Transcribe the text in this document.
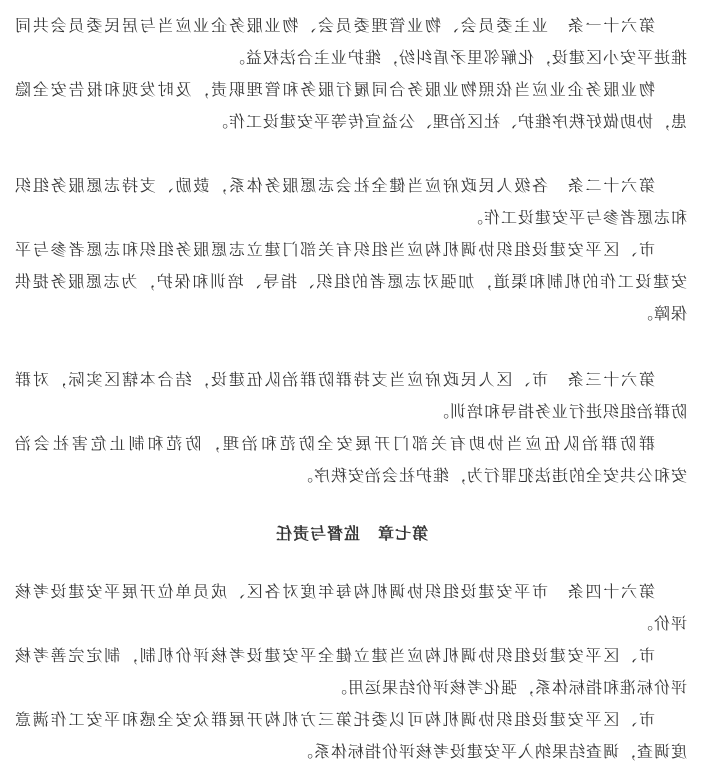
第六十一条　业主委员会、物业管理委员会、物业服务企业应当与居民委员会共同
推进平安小区建设，化解邻里矛盾纠纷，维护业主合法权益。
物业服务企业应当依照物业服务合同履行服务和管理职责，及时发现和报告安全隐
患，协助做好秩序维护、社区治理、公益宣传等平安建设工作。
第六十二条　各级人民政府应当健全社会志愿服务体系，鼓励、支持志愿服务组织
和志愿者参与平安建设工作。
市、区平安建设组织协调机构应当组织有关部门建立志愿服务组织和志愿者参与平
安建设工作的机制和渠道，加强对志愿者的组织、指导、培训和保护，为志愿服务提供
保障。
第六十三条　市、区人民政府应当支持群防群治队伍建设，结合本辖区实际，对群
防群治组织进行业务指导和培训。
群防群治队伍应当协助有关部门开展安全防范和治理，防范和制止危害社会治
安和公共安全的违法犯罪行为，维护社会治安秩序。
第七章　监督与责任
第六十四条　市平安建设组织协调机构每年度对各区、成员单位开展平安建设考核
评价。
市、区平安建设组织协调机构应当建立健全平安建设考核评价机制，制定完善考核
评价标准和指标体系，强化考核评价结果运用。
市、区平安建设组织协调机构可以委托第三方机构开展群众安全感和平安工作满意
度调查，调查结果纳入平安建设考核评价指标体系。
